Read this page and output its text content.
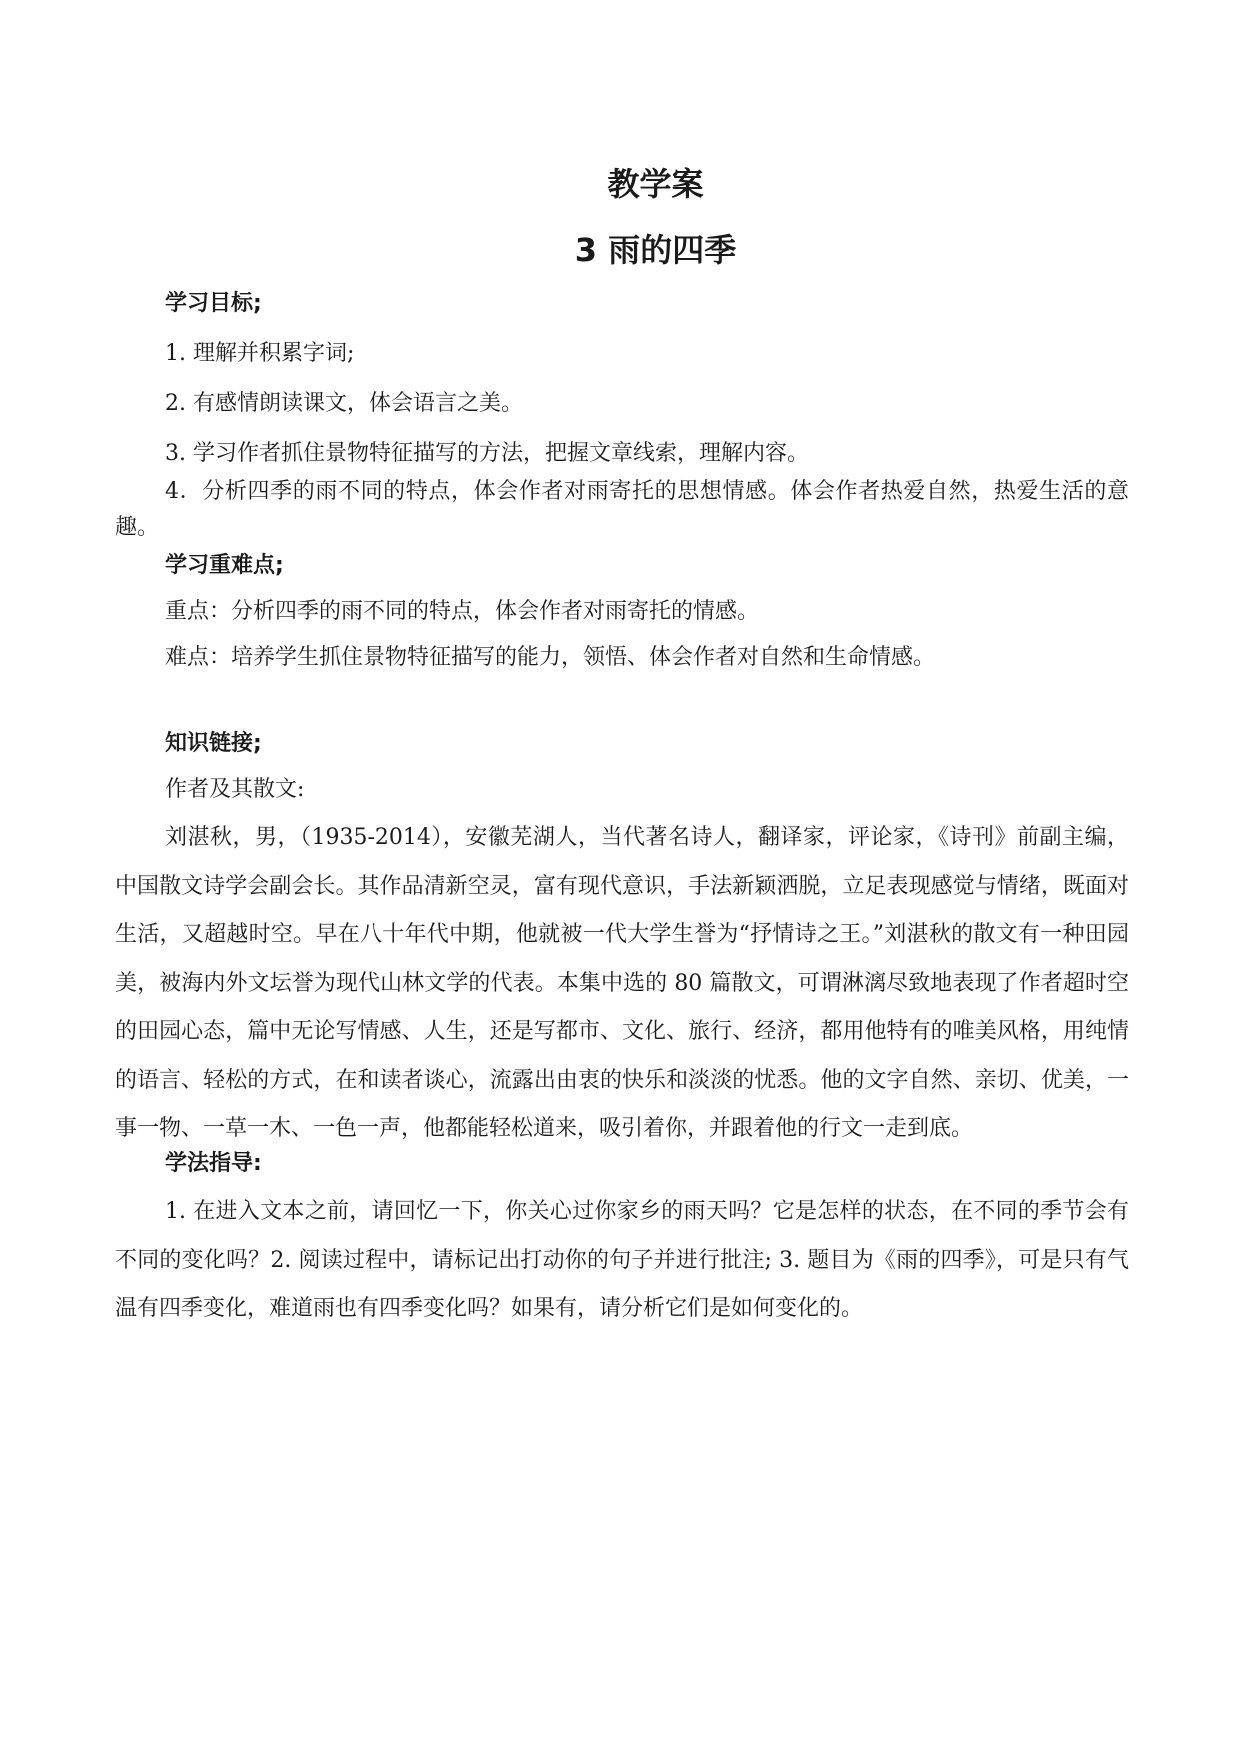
教学案
3 雨的四季

学习目标;

1. 理解并积累字词;

2. 有感情朗读课文，体会语言之美。

3. 学习作者抓住景物特征描写的方法，把握文章线索，理解内容。

4．分析四季的雨不同的特点，体会作者对雨寄托的思想情感。体会作者热爱自然，热爱生活的意趣。

学习重难点;

重点：分析四季的雨不同的特点，体会作者对雨寄托的情感。

难点：培养学生抓住景物特征描写的能力，领悟、体会作者对自然和生命情感。

知识链接;

作者及其散文:

刘湛秋，男，（1935-2014），安徽芜湖人，当代著名诗人，翻译家，评论家，《诗刊》前副主编，中国散文诗学会副会长。其作品清新空灵，富有现代意识，手法新颖洒脱，立足表现感觉与情绪，既面对生活，又超越时空。早在八十年代中期，他就被一代大学生誉为“抒情诗之王。”刘湛秋的散文有一种田园美，被海内外文坛誉为现代山林文学的代表。本集中选的 80 篇散文，可谓淋漓尽致地表现了作者超时空的田园心态，篇中无论写情感、人生，还是写都市、文化、旅行、经济，都用他特有的唯美风格，用纯情的语言、轻松的方式，在和读者谈心，流露出由衷的快乐和淡淡的忧悉。他的文字自然、亲切、优美，一事一物、一草一木、一色一声，他都能轻松道来，吸引着你，并跟着他的行文一走到底。

学法指导:

1. 在进入文本之前，请回忆一下，你关心过你家乡的雨天吗？它是怎样的状态，在不同的季节会有不同的变化吗？2. 阅读过程中，请标记出打动你的句子并进行批注; 3. 题目为《雨的四季》，可是只有气温有四季变化，难道雨也有四季变化吗？如果有，请分析它们是如何变化的。
